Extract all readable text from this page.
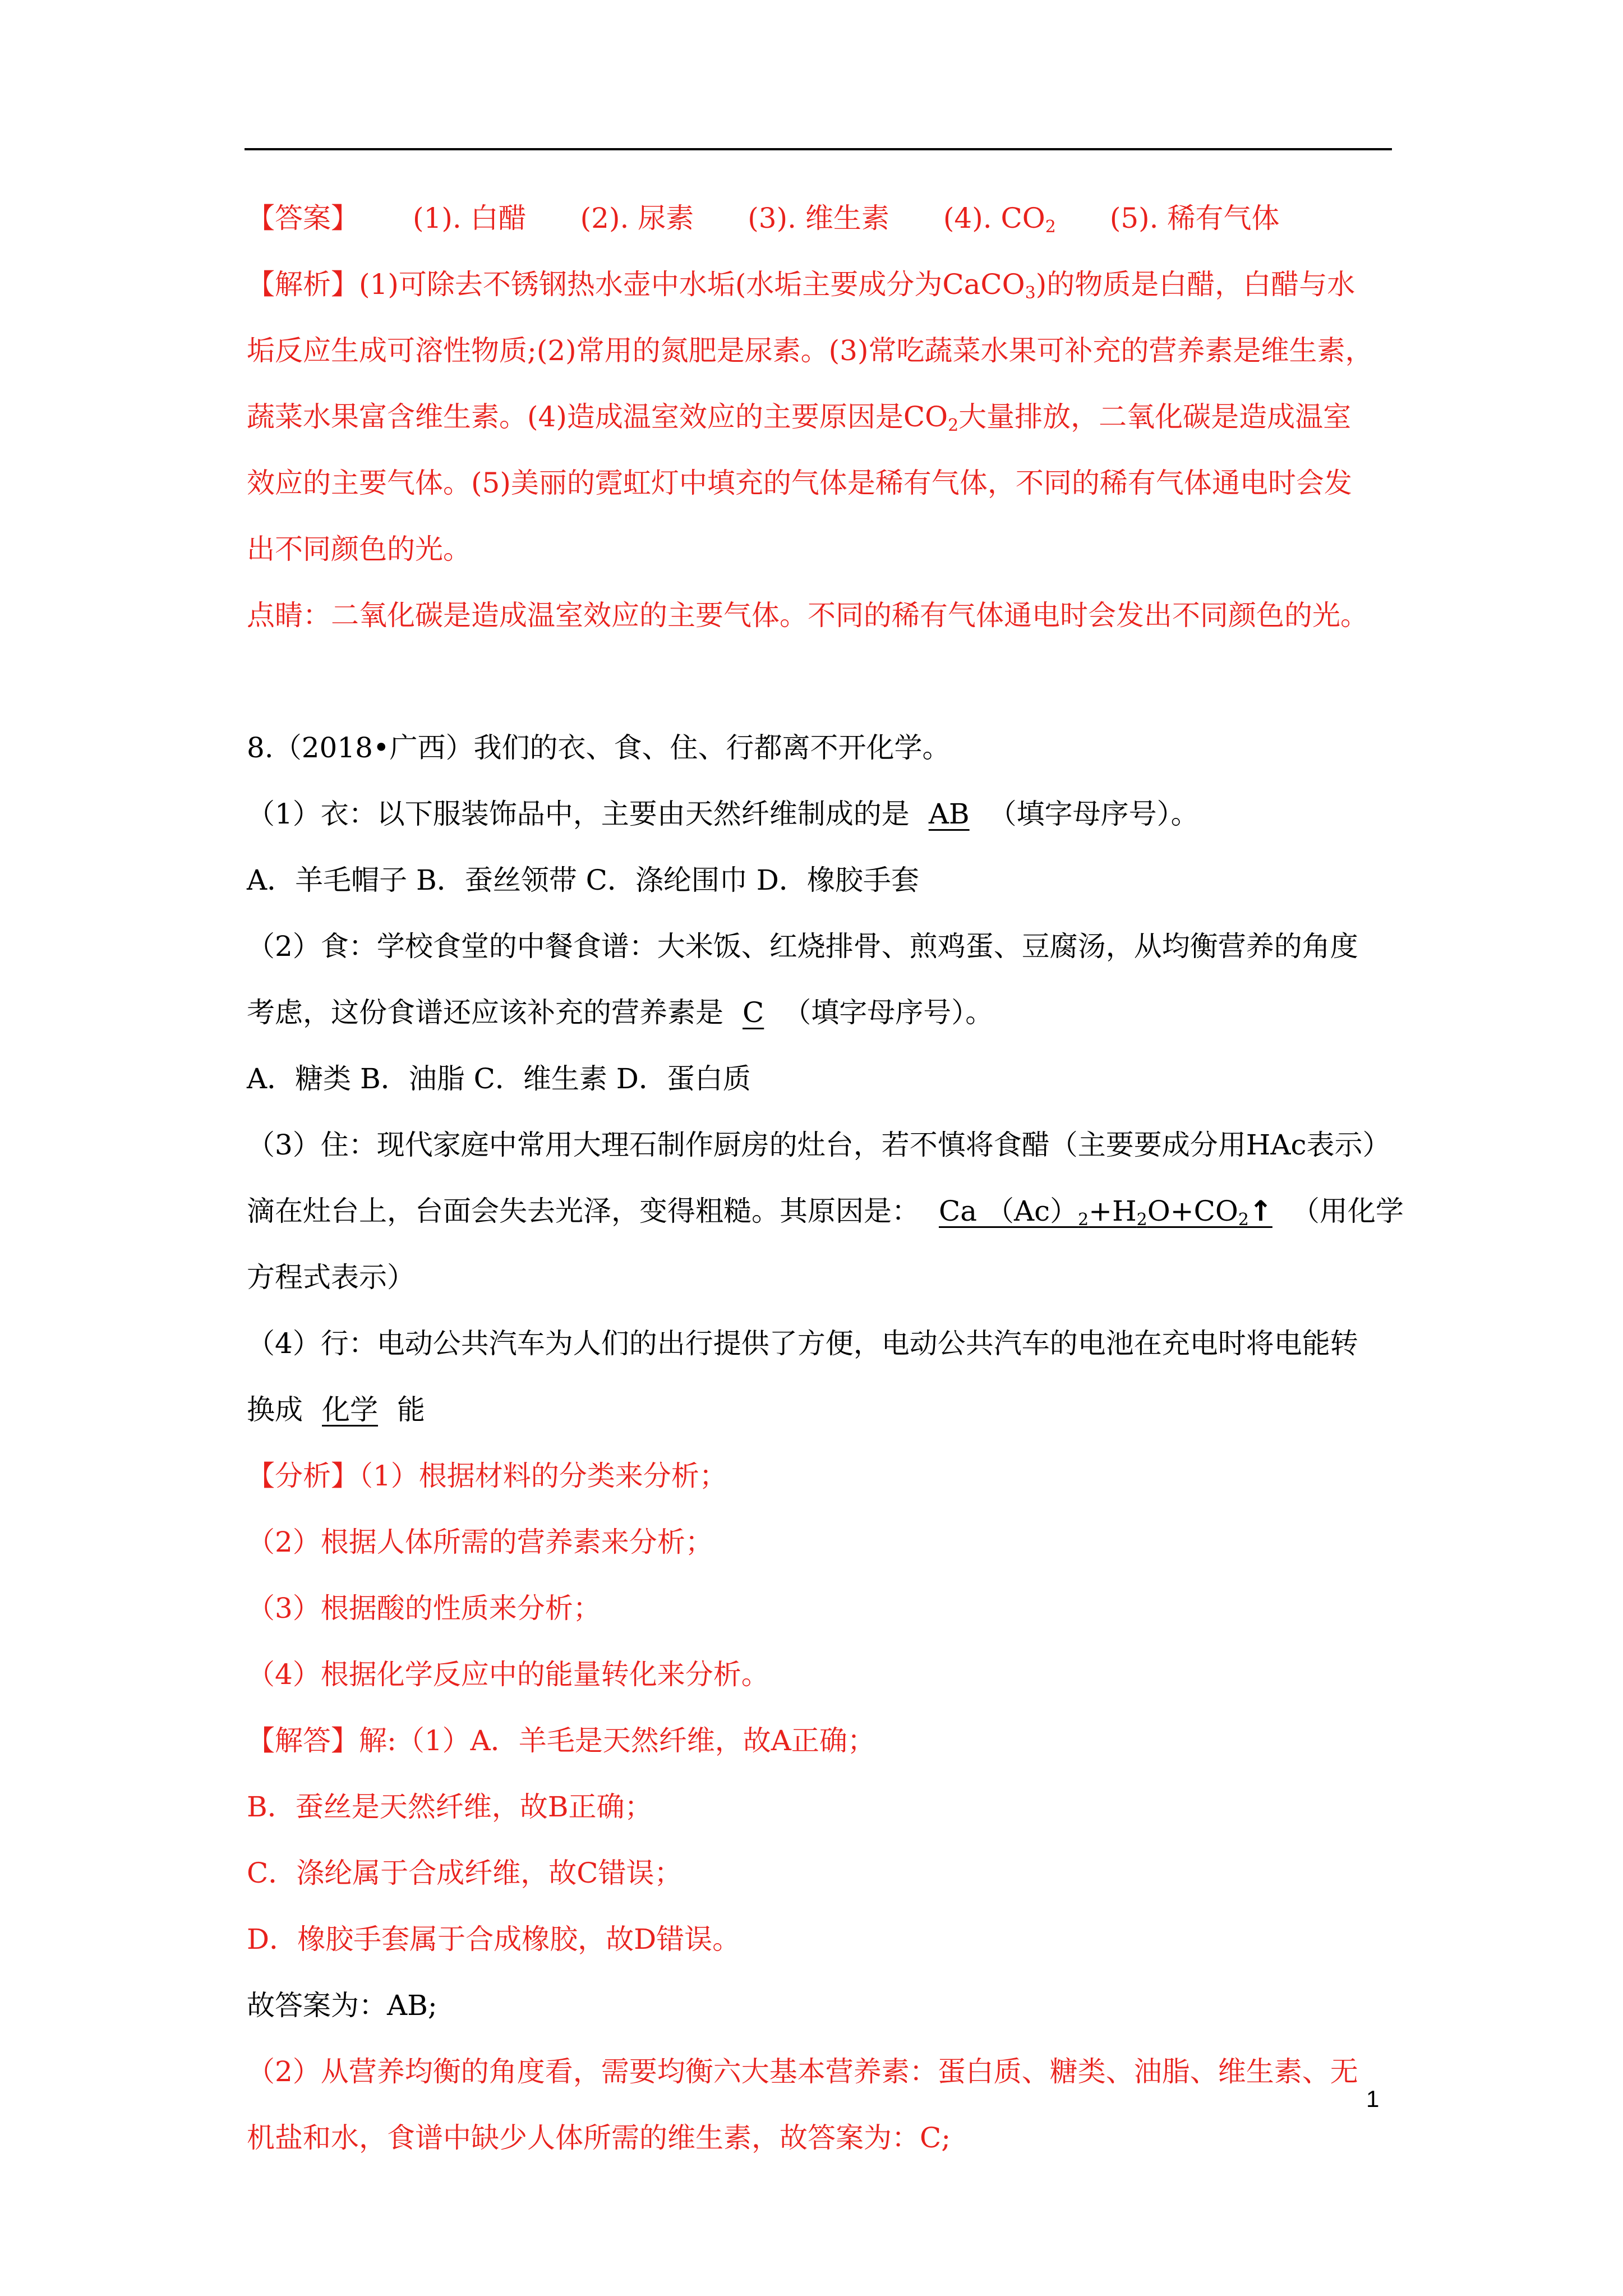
【答案】 (1). 白醋 (2). 尿素 (3). 维生素 (4). $CO_2$ (5). 稀有气体
【解析】(1)可除去不锈钢热水壶中水垢(水垢主要成分为CaCO$_3$)的物质是白醋，白醋与水
垢反应生成可溶性物质;(2)常用的氮肥是尿素。(3)常吃蔬菜水果可补充的营养素是维生素，
蔬菜水果富含维生素。(4)造成温室效应的主要原因是$CO_2$大量排放，二氧化碳是造成温室
效应的主要气体。(5)美丽的霓虹灯中填充的气体是稀有气体，不同的稀有气体通电时会发
出不同颜色的光。
点睛：二氧化碳是造成温室效应的主要气体。不同的稀有气体通电时会发出不同颜色的光。
8.（2018•广西）我们的衣、食、住、行都离不开化学。
（1）衣：以下服装饰品中，主要由天然纤维制成的是 AB （填字母序号）。
A．羊毛帽子 B．蚕丝领带 C．涤纶围巾 D．橡胶手套
（2）食：学校食堂的中餐食谱：大米饭、红烧排骨、煎鸡蛋、豆腐汤，从均衡营养的角度
考虑，这份食谱还应该补充的营养素是 C （填字母序号）。
A．糖类 B．油脂 C．维生素 D．蛋白质
（3）住：现代家庭中常用大理石制作厨房的灶台，若不慎将食醋（主要要成分用HAc表示）
滴在灶台上，台面会失去光泽，变得粗糙。其原因是： Ca $(Ac)_2+H_2O+CO_2↑$ （用化学
方程式表示）
（4）行：电动公共汽车为人们的出行提供了方便，电动公共汽车的电池在充电时将电能转
换成 化学 能
【分析】（1）根据材料的分类来分析；
（2）根据人体所需的营养素来分析；
（3）根据酸的性质来分析；
（4）根据化学反应中的能量转化来分析。
【解答】解:（1）A．羊毛是天然纤维，故A正确；
B．蚕丝是天然纤维，故B正确；
C．涤纶属于合成纤维，故C错误；
D．橡胶手套属于合成橡胶，故D错误。
故答案为：AB;
（2）从营养均衡的角度看，需要均衡六大基本营养素：蛋白质、糖类、油脂、维生素、无
机盐和水，食谱中缺少人体所需的维生素，故答案为：C;
1
